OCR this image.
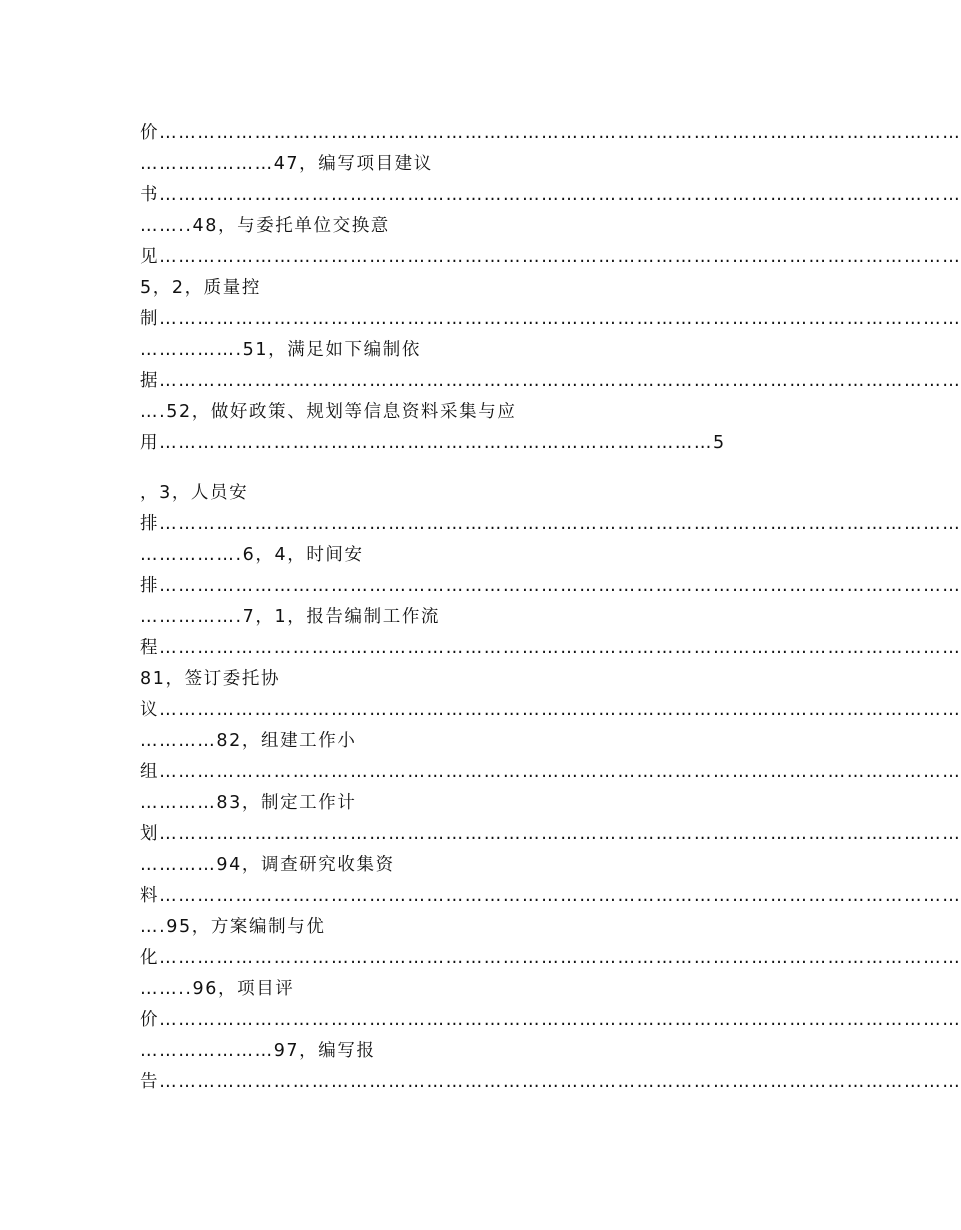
价………………………………………………………………………………………………………………
…………………47，编写项目建议
书………………………………………………………………………………………………………………
……..48，与委托单位交换意
见………………………………………………………………………………………………………………
5，2，质量控
制………………………………………………………………………………………………………………
…………….51，满足如下编制依
据………………………………………………………………………………………………………………
….52，做好政策、规划等信息资料采集与应
用……………………………………………………………………………5
，3，人员安
排………………………………………………………………………………………………………………
…………….6，4，时间安
排………………………………………………………………………………………………………………
…………….7，1，报告编制工作流
程………………………………………………………………………………………………………………
81，签订委托协
议………………………………………………………………………………………………………………
…………82，组建工作小
组………………………………………………………………………………………………………………
…………83，制定工作计
划………………………………………………………………………………………………………………
…………94，调查研究收集资
料………………………………………………………………………………………………………………
….95，方案编制与优
化………………………………………………………………………………………………………………
……..96，项目评
价………………………………………………………………………………………………………………
…………………97，编写报
告………………………………………………………………………………………………………………
